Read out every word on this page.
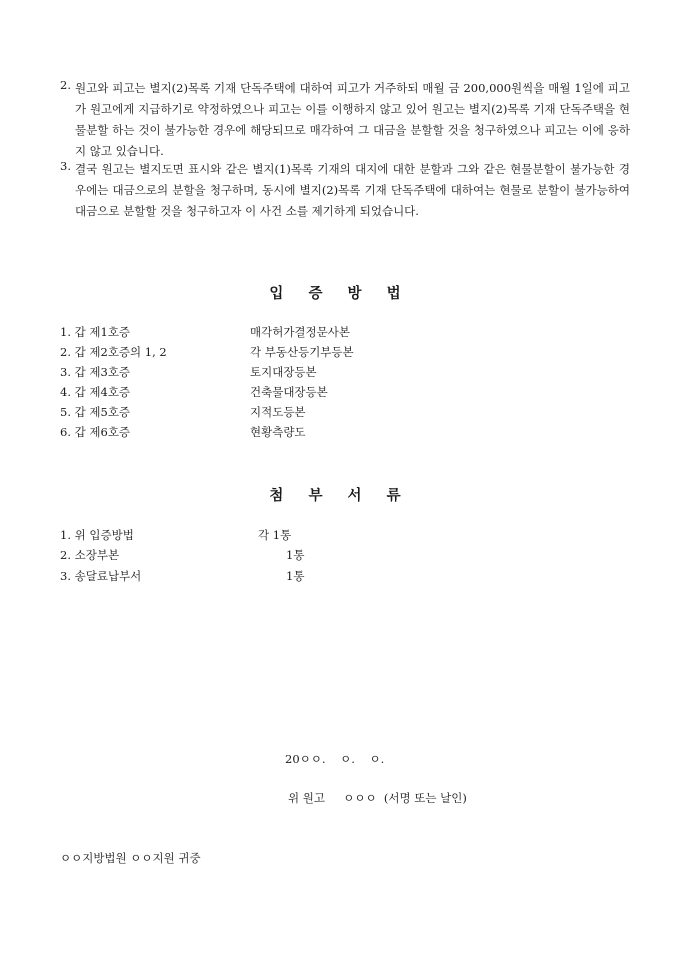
2. 원고와 피고는 별지(2)목록 기재 단독주택에 대하여 피고가 거주하되 매월 금 200,000원씩을 매월 1일에 피고가 원고에게 지급하기로 약정하였으나 피고는 이를 이행하지 않고 있어 원고는 별지(2)목록 기재 단독주택을 현물분할 하는 것이 불가능한 경우에 해당되므로 매각하여 그 대금을 분할할 것을 청구하였으나 피고는 이에 응하지 않고 있습니다.
3. 결국 원고는 별지도면 표시와 같은 별지(1)목록 기재의 대지에 대한 분할과 그와 같은 현물분할이 불가능한 경우에는 대금으로의 분할을 청구하며, 동시에 별지(2)목록 기재 단독주택에 대하여는 현물로 분할이 불가능하여 대금으로 분할할 것을 청구하고자 이 사건 소를 제기하게 되었습니다.
입 증 방 법
1. 갑 제1호증	매각허가결정문사본
2. 갑 제2호증의 1, 2	각 부동산등기부등본
3. 갑 제3호증	토지대장등본
4. 갑 제4호증	건축물대장등본
5. 갑 제5호증	지적도등본
6. 갑 제6호증	현황측량도
첨 부 서 류
1. 위 입증방법	각 1통
2. 소장부본	1통
3. 송달료납부서	1통
20ㅇㅇ.    ㅇ.    ㅇ.
위 원고     ㅇㅇㅇ  (서명 또는 날인)
ㅇㅇ지방법원 ㅇㅇ지원 귀중
